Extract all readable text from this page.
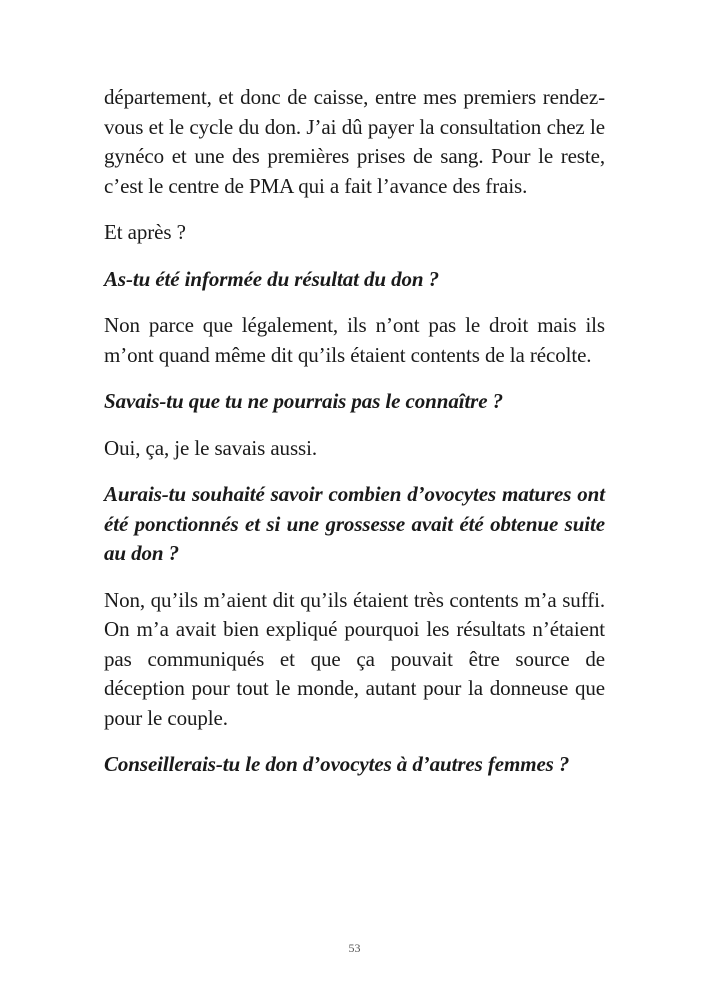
département, et donc de caisse, entre mes premiers rendez-vous et le cycle du don. J’ai dû payer la consultation chez le gynéco et une des premières prises de sang. Pour le reste, c’est le centre de PMA qui a fait l’avance des frais.

Et après ?

As-tu été informée du résultat du don ?

Non parce que légalement, ils n’ont pas le droit mais ils m’ont quand même dit qu’ils étaient contents de la récolte.

Savais-tu que tu ne pourrais pas le connaître ?

Oui, ça, je le savais aussi.

Aurais-tu souhaité savoir combien d’ovocytes matures ont été ponctionnés et si une grossesse avait été obtenue suite au don ?

Non, qu’ils m’aient dit qu’ils étaient très contents m’a suffi. On m’a avait bien expliqué pourquoi les résultats n’étaient pas communiqués et que ça pouvait être source de déception pour tout le monde, autant pour la donneuse que pour le couple.

Conseillerais-tu le don d’ovocytes à d’autres femmes ?

53
